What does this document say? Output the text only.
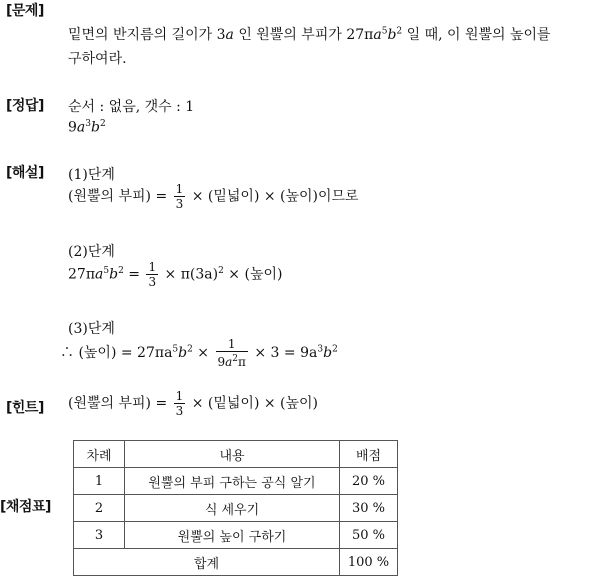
[문제]
[정답]
[해설]
[힌트]
[채점표]
밑면의 반지름의 길이가 3a 인 원뿔의 부피가 $27\pi a^5b^2$ 일 때, 이 원뿔의 높이를
구하여라.
순서 : 없음, 갯수 : 1
$9a^3b^2$
(1)단계
(원뿔의 부피) = $\frac{1}{3}$ × (밑넓이) × (높이)이므로
(2)단계
$27\pi a^5b^2 = \frac{1}{3} \times \pi(3a)^2$ × (높이)
(3)단계
∴ (높이) = $27\pi a^5b^2 \times \frac{1}{9a^2\pi} \times 3 = 9a^3b^2$
(원뿔의 부피) = $\frac{1}{3}$ × (밑넓이) × (높이)
차례	내용	배점
1	원뿔의 부피 구하는 공식 알기	20 %
2	식 세우기	30 %
3	원뿔의 높이 구하기	50 %
합계		100 %
